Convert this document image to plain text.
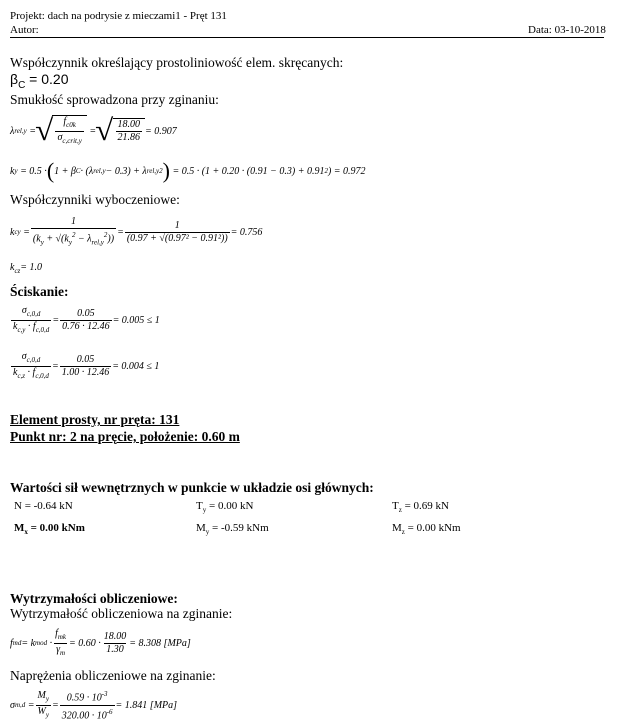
Projekt: dach na podrysie z mieczami1 - Pręt 131
Autor:	Data: 03-10-2018
Współczynnik określający prostoliniowość elem. skręcanych:
$\beta_C = 0.20$
Smukłość sprowadzona przy zginaniu:
λ rel,y = √ $\frac{f_{c0k}}{\sigma_{c,crit,y}}$ = √ $\frac{18.00}{21.86} = 0.907$
k y
= 0.5 · ( 1 + β C · (λ rel,y − 0.3) + λ rel,y 2 )
= 0.5 · (1 + 0.20 · (0.91 − 0.3) + 0.91 2 ) = 0.972
Współczynniki wyboczeniowe:
k cy = $\frac{1}{(k_y + √(k_y^2 - \lambda_{rel,y}^2))} = \frac{1}{\text{(0.97 + √(0.97² − 0.91²))}} = 0.756$
$k_{cz}= 1.0$
Ściskanie:
$\frac{\sigma_{c,0,d}}{k_{c,y} \cdot f_{c,0,d}} = \frac{0.05}{0.76 \cdot 12.46} = 0.005 \le 1$
$\frac{\sigma_{c,0,d}}{k_{c,z} \cdot f_{c,0,d}} = \frac{0.05}{1.00 \cdot 12.46} = 0.004 \le 1$
Element prosty, nr pręta: 131
Punkt nr: 2 na pręcie, położenie: 0.60 m
Wartości sił wewnętrznych w punkcie w układzie osi głównych:
N = -0.64 kN	$T_y = 0.00$ kN	$T_z = 0.69$ kN
$M_x = 0.00$ kNm	$M_y = -0.59$ kNm	$M_z = 0.00$ kNm
Wytrzymałości obliczeniowe:
Wytrzymałość obliczeniowa na zginanie:
f md = k mod · $\frac{f_{mk}}{\gamma_m} = 0.60 \cdot \frac{18.00}{1.30} = 8.308$
[MPa]
Naprężenia obliczeniowe na zginanie:
σ $m,d = \frac{M_y}{W_y} = \frac{0.59 \cdot 10^{-3}}{320.00 \cdot 10^{-6}} = 1.841$
[MPa]
